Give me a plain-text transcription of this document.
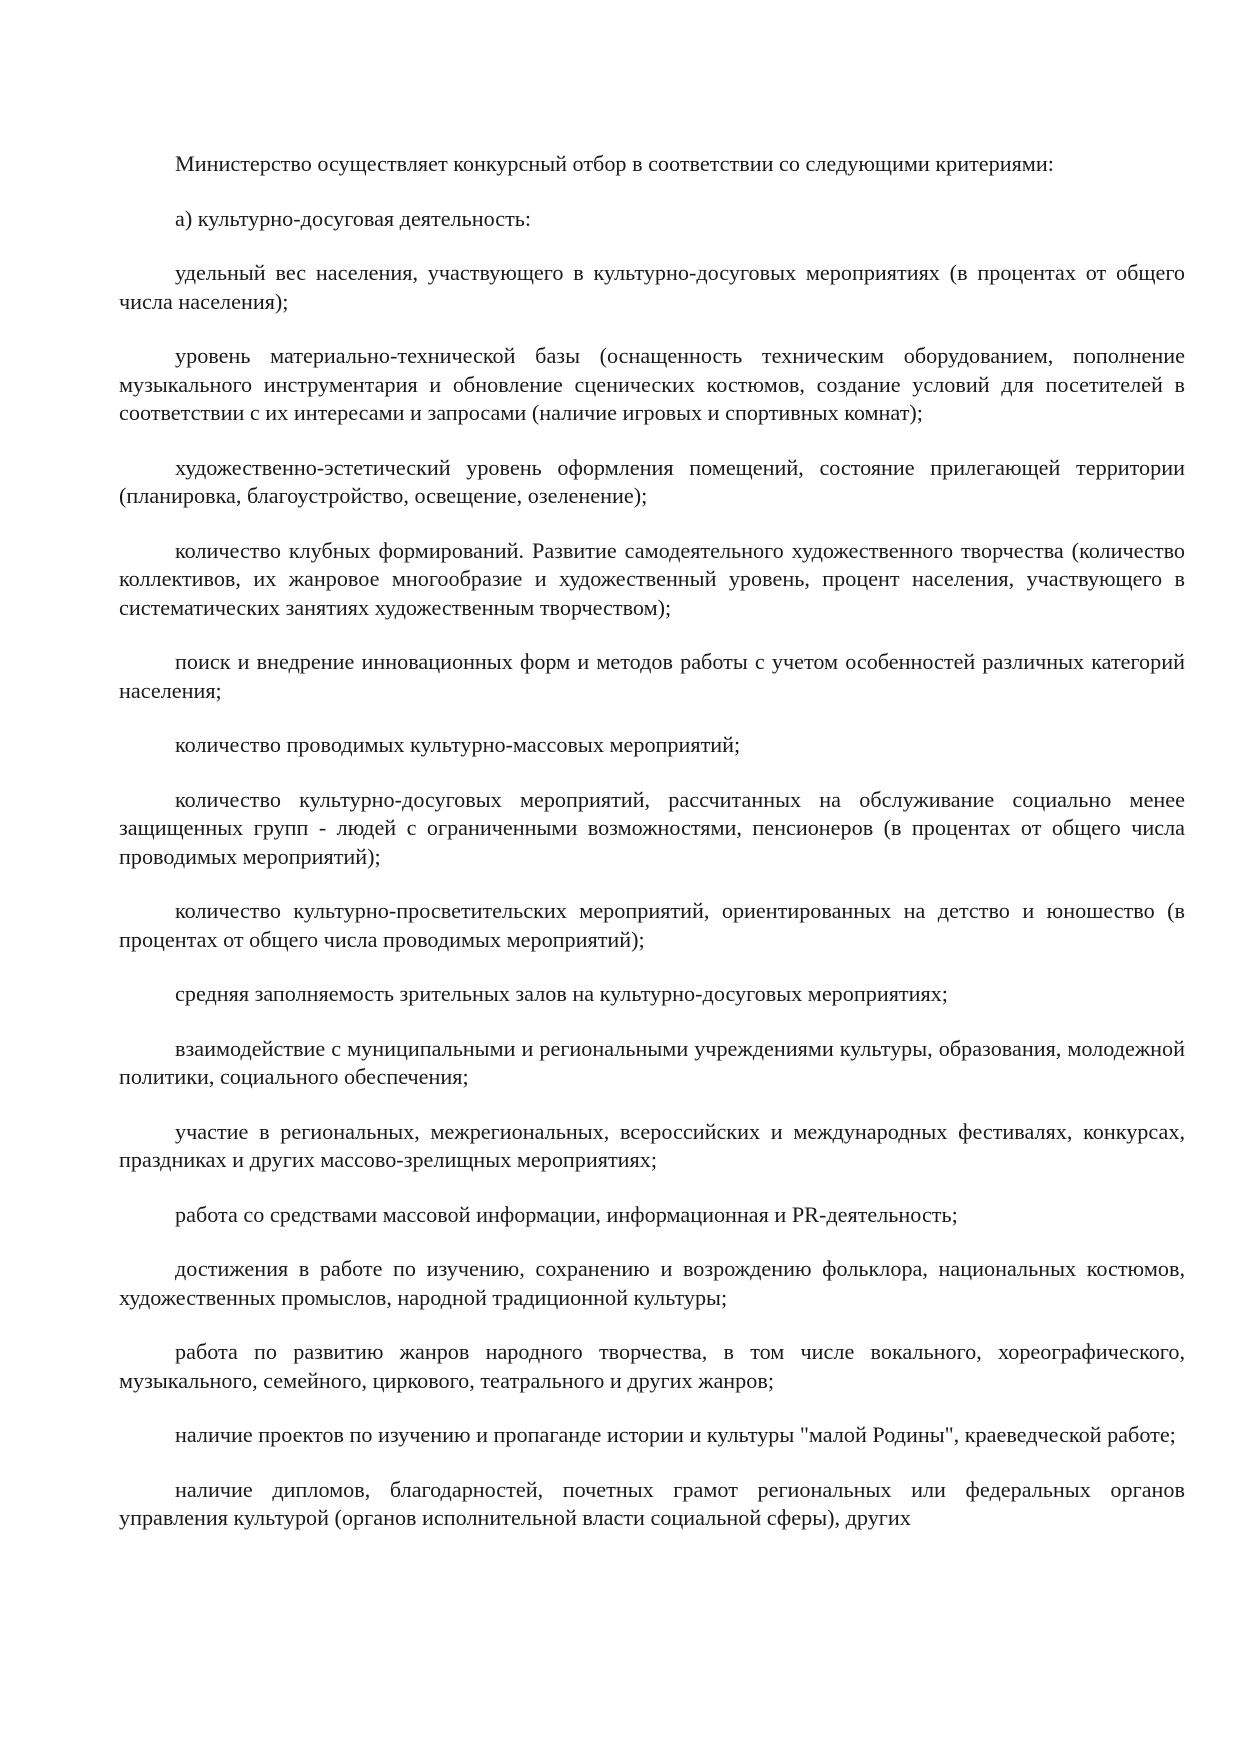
Министерство осуществляет конкурсный отбор в соответствии со следующими критериями:

а) культурно-досуговая деятельность:

удельный вес населения, участвующего в культурно-досуговых мероприятиях (в процентах от общего числа населения);

уровень материально-технической базы (оснащенность техническим оборудованием, пополнение музыкального инструментария и обновление сценических костюмов, создание условий для посетителей в соответствии с их интересами и запросами (наличие игровых и спортивных комнат);

художественно-эстетический уровень оформления помещений, состояние прилегающей территории (планировка, благоустройство, освещение, озеленение);

количество клубных формирований. Развитие самодеятельного художественного творчества (количество коллективов, их жанровое многообразие и художественный уровень, процент населения, участвующего в систематических занятиях художественным творчеством);

поиск и внедрение инновационных форм и методов работы с учетом особенностей различных категорий населения;

количество проводимых культурно-массовых мероприятий;

количество культурно-досуговых мероприятий, рассчитанных на обслуживание социально менее защищенных групп - людей с ограниченными возможностями, пенсионеров (в процентах от общего числа проводимых мероприятий);

количество культурно-просветительских мероприятий, ориентированных на детство и юношество (в процентах от общего числа проводимых мероприятий);

средняя заполняемость зрительных залов на культурно-досуговых мероприятиях;

взаимодействие с муниципальными и региональными учреждениями культуры, образования, молодежной политики, социального обеспечения;

участие в региональных, межрегиональных, всероссийских и международных фестивалях, конкурсах, праздниках и других массово-зрелищных мероприятиях;

работа со средствами массовой информации, информационная и PR-деятельность;

достижения в работе по изучению, сохранению и возрождению фольклора, национальных костюмов, художественных промыслов, народной традиционной культуры;

работа по развитию жанров народного творчества, в том числе вокального, хореографического, музыкального, семейного, циркового, театрального и других жанров;

наличие проектов по изучению и пропаганде истории и культуры "малой Родины", краеведческой работе;

наличие дипломов, благодарностей, почетных грамот региональных или федеральных органов управления культурой (органов исполнительной власти социальной сферы), других
